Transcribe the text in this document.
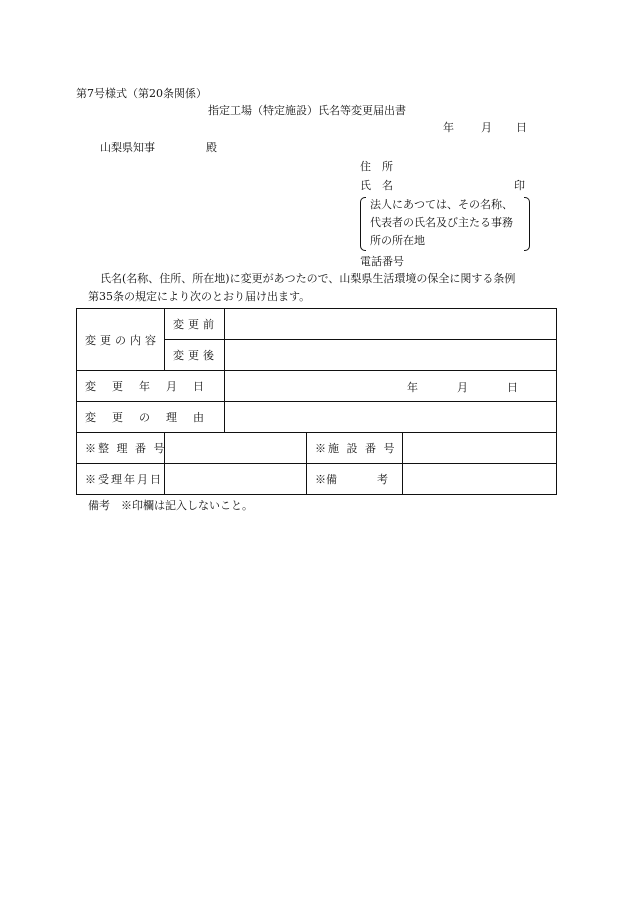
第7号様式（第20条関係）
指定工場（特定施設）氏名等変更届出書
年 月 日
山梨県知事	殿
住　所
氏　名	印
法人にあつては、その名称、
代表者の氏名及び主たる事務
所の所在地
電話番号
氏名(名称、住所、所在地)に変更があつたので、山梨県生活環境の保全に関する条例
第35条の規定により次のとおり届け出ます。
変更の内容	変更前			
	変更後			
変 更 年 月 日		年 月 日		

変 更 の 理 由				
※整 理 番 号			※施 設 番 号	
※受理年月日			※備 考	
備考　※印欄は記入しないこと。
